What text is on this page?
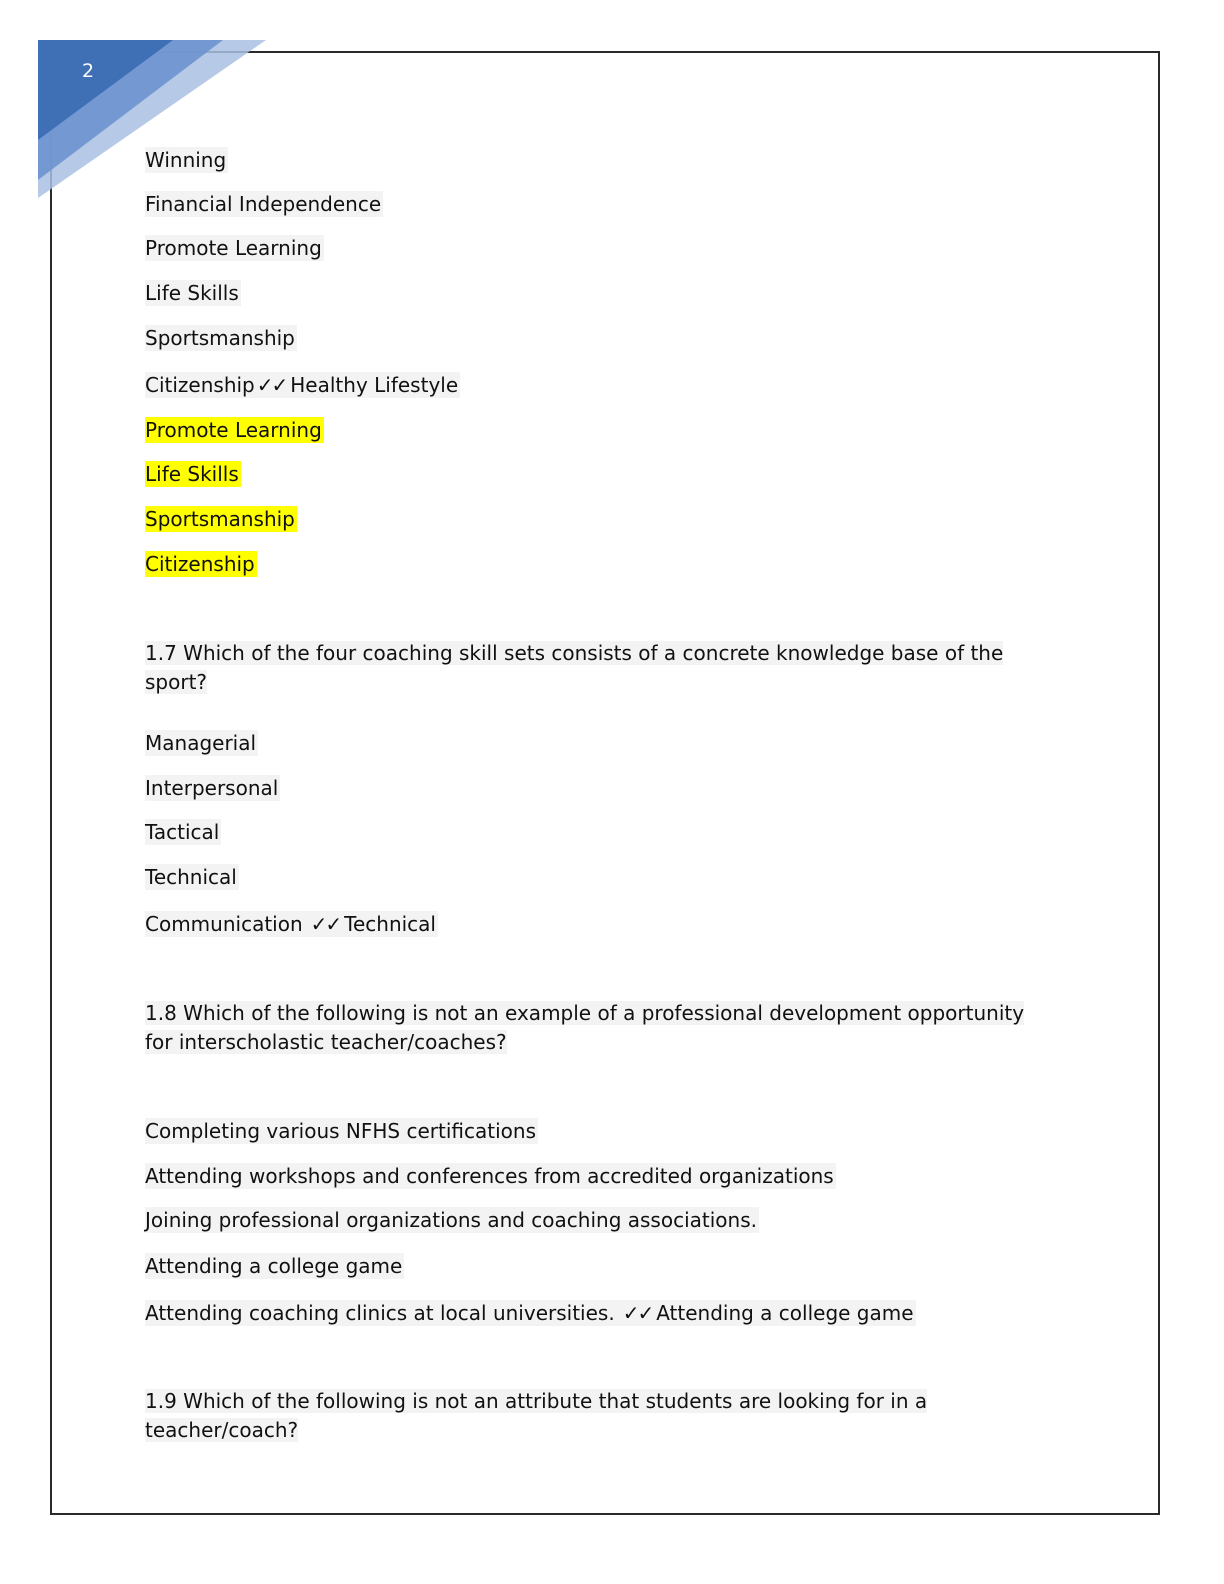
2
Winning
Financial Independence
Promote Learning
Life Skills
Sportsmanship
Citizenship ✓✓ Healthy Lifestyle
Promote Learning
Life Skills
Sportsmanship
Citizenship
1.7 Which of the four coaching skill sets consists of a concrete knowledge base of the sport?
Managerial
Interpersonal
Tactical
Technical
Communication ✓✓ Technical
1.8 Which of the following is not an example of a professional development opportunity for interscholastic teacher/coaches?
Completing various NFHS certifications
Attending workshops and conferences from accredited organizations
Joining professional organizations and coaching associations.
Attending a college game
Attending coaching clinics at local universities. ✓✓ Attending a college game
1.9 Which of the following is not an attribute that students are looking for in a teacher/coach?
